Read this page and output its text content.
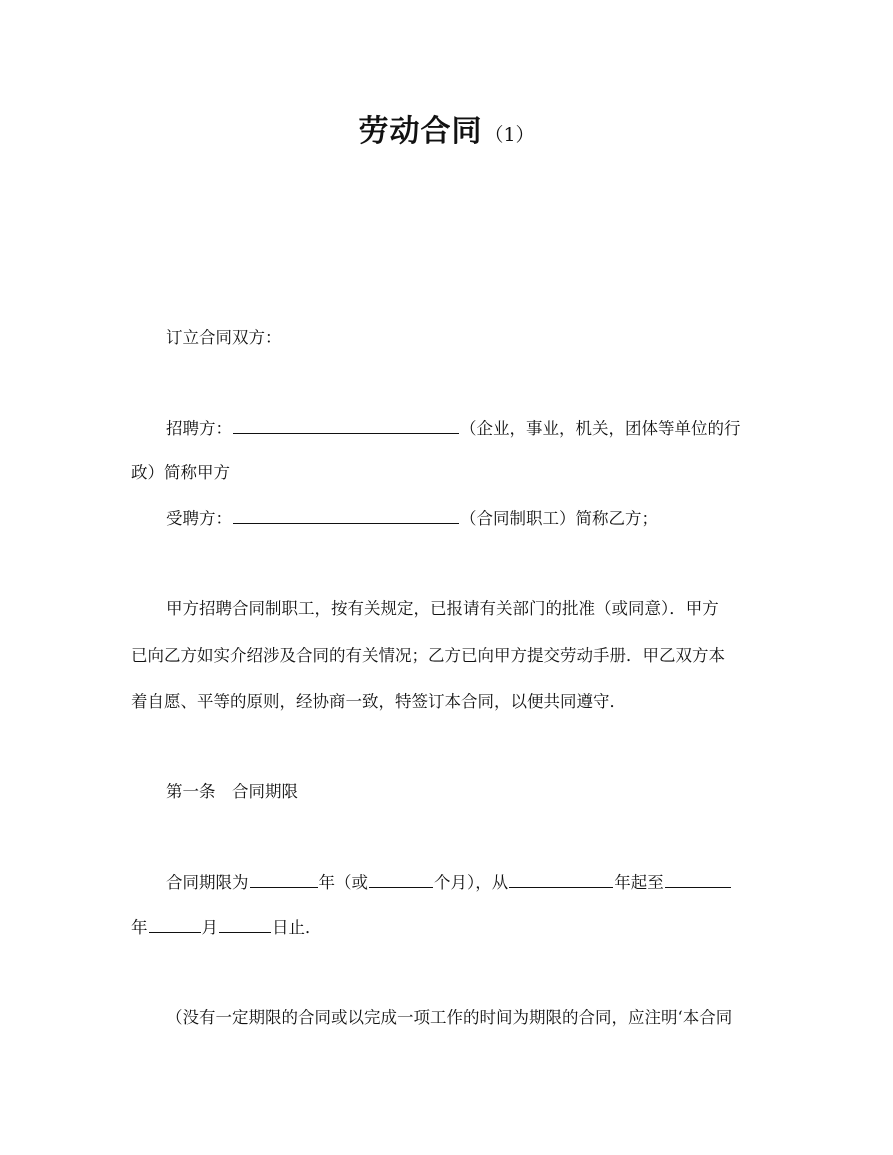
劳动合同 （1）
订立合同双方：
招聘方：	（企业，事业，机关，团体等单位的行
政）简称甲方
受聘方：	（合同制职工）简称乙方；
甲方招聘合同制职工，按有关规定，已报请有关部门的批准（或同意）．甲方
已向乙方如实介绍涉及合同的有关情况；乙方已向甲方提交劳动手册．甲乙双方本
着自愿、平等的原则，经协商一致，特签订本合同，以便共同遵守．
第一条　合同期限
合同期限为	年（或	个月），从	年起至
年	月	日止．
（没有一定期限的合同或以完成一项工作的时间为期限的合同，应注明‘本合同
